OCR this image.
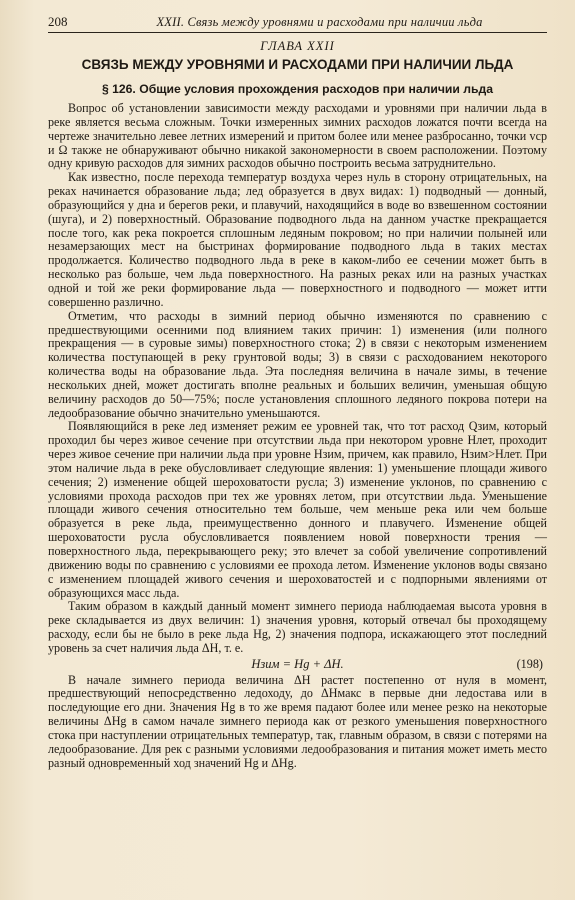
208	XXII. Связь между уровнями и расходами при наличии льда
ГЛАВА XXII
СВЯЗЬ МЕЖДУ УРОВНЯМИ И РАСХОДАМИ ПРИ НАЛИЧИИ ЛЬДА
§ 126. Общие условия прохождения расходов при наличии льда

Вопрос об установлении зависимости между расходами и уровнями при наличии льда в реке является весьма сложным. Точки измеренных зимних расходов ложатся почти всегда на чертеже значительно левее летних измерений и притом более или менее разбросанно, точки vср и Ω также не обнаруживают обычно никакой закономерности в своем расположении. Поэтому одну кривую расходов для зимних расходов обычно построить весьма затруднительно.

Как известно, после перехода температур воздуха через нуль в сторону отрицательных, на реках начинается образование льда; лед образуется в двух видах: 1) подводный — донный, образующийся у дна и берегов реки, и плавучий, находящийся в воде во взвешенном состоянии (шуга), и 2) поверхностный. Образование подводного льда на данном участке прекращается после того, как река покроется сплошным ледяным покровом; но при наличии полыней или незамерзающих мест на быстринах формирование подводного льда в таких местах продолжается. Количество подводного льда в реке в каком-либо ее сечении может быть в несколько раз больше, чем льда поверхностного. На разных реках или на разных участках одной и той же реки формирование льда — поверхностного и подводного — может итти совершенно различно.

Отметим, что расходы в зимний период обычно изменяются по сравнению с предшествующими осенними под влиянием таких причин: 1) изменения (или полного прекращения — в суровые зимы) поверхностного стока; 2) в связи с некоторым изменением количества поступающей в реку грунтовой воды; 3) в связи с расходованием некоторого количества воды на образование льда. Эта последняя величина в начале зимы, в течение нескольких дней, может достигать вполне реальных и больших величин, уменьшая общую величину расходов до 50—75%; после установления сплошного ледяного покрова потери на ледообразование обычно значительно уменьшаются.

Появляющийся в реке лед изменяет режим ее уровней так, что тот расход Qзим, который проходил бы через живое сечение при отсутствии льда при некотором уровне Hлет, проходит через живое сечение при наличии льда при уровне Hзим, причем, как правило, Hзим>Hлет. При этом наличие льда в реке обусловливает следующие явления: 1) уменьшение площади живого сечения; 2) изменение общей шероховатости русла; 3) изменение уклонов, по сравнению с условиями прохода расходов при тех же уровнях летом, при отсутствии льда. Уменьшение площади живого сечения относительно тем больше, чем меньше река или чем больше образуется в реке льда, преимущественно донного и плавучего. Изменение общей шероховатости русла обусловливается появлением новой поверхности трения — поверхностного льда, перекрывающего реку; это влечет за собой увеличение сопротивлений движению воды по сравнению с условиями ее прохода летом. Изменение уклонов воды связано с изменением площадей живого сечения и шероховатостей и с подпорными явлениями от образующихся масс льда.

Таким образом в каждый данный момент зимнего периода наблюдаемая высота уровня в реке складывается из двух величин: 1) значения уровня, который отвечал бы проходящему расходу, если бы не было в реке льда Hg, 2) значения подпора, искажающего этот последний уровень за счет наличия льда ΔH, т. е.

Hзим = Hg + ΔH.	(198)

В начале зимнего периода величина ΔH растет постепенно от нуля в момент, предшествующий непосредственно ледоходу, до ΔHмакс в первые дни ледостава или в последующие его дни. Значения Hg в то же время падают более или менее резко на некоторые величины ΔHg в самом начале зимнего периода как от резкого уменьшения поверхностного стока при наступлении отрицательных температур, так, главным образом, в связи с потерями на ледообразование. Для рек с разными условиями ледообразования и питания может иметь место разный одновременный ход значений Hg и ΔHg.
